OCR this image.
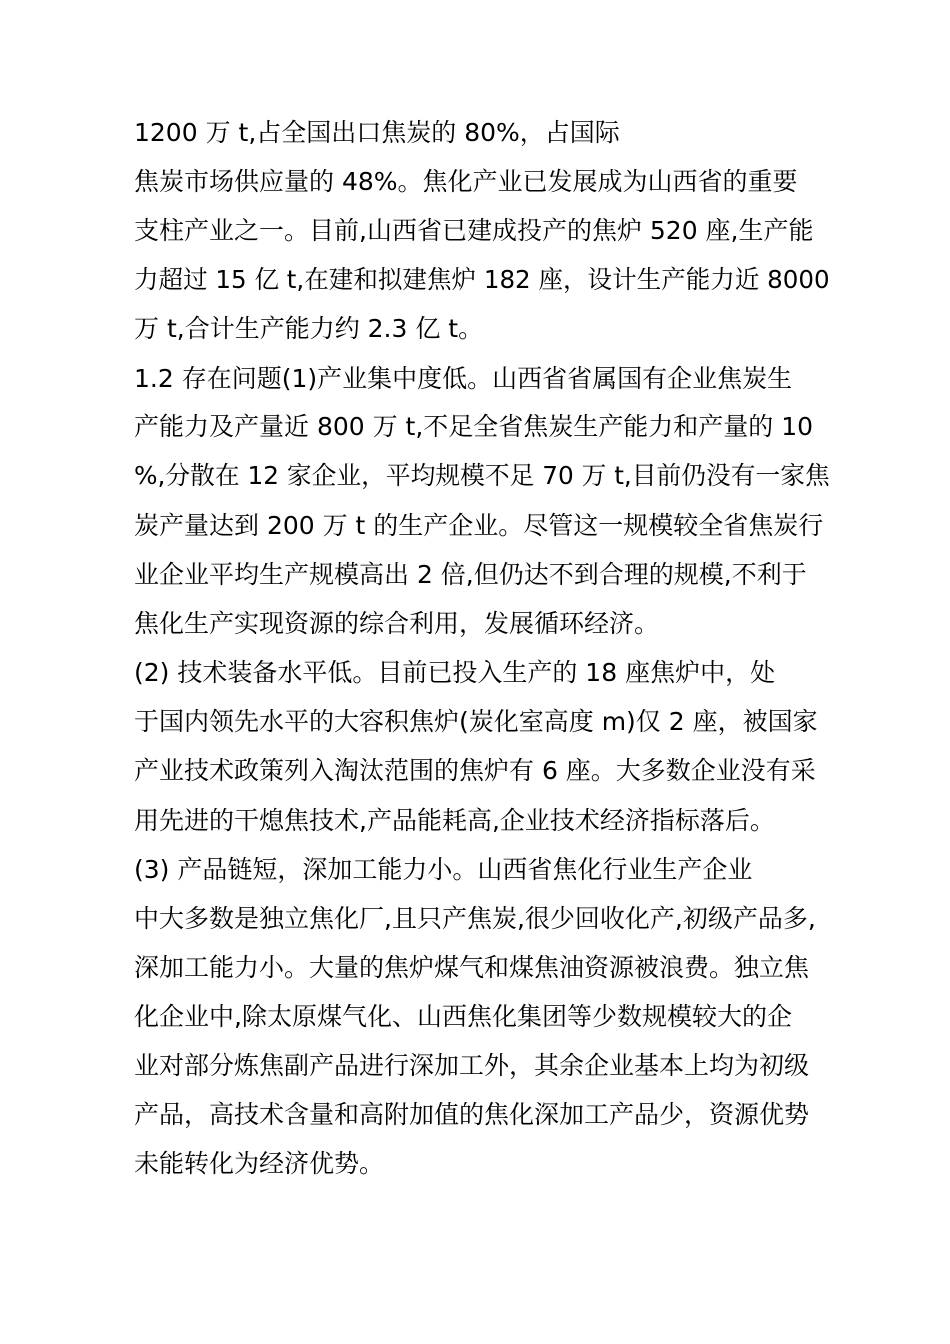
1200 万 t,占全国出口焦炭的 80%，占国际
焦炭市场供应量的 48%。焦化产业已发展成为山西省的重要
支柱产业之一。目前,山西省已建成投产的焦炉 520 座,生产能
力超过 15 亿 t,在建和拟建焦炉 182 座，设计生产能力近 8000
万 t,合计生产能力约 2.3 亿 t。
1.2 存在问题(1)产业集中度低。山西省省属国有企业焦炭生
产能力及产量近 800 万 t,不足全省焦炭生产能力和产量的 10
%,分散在 12 家企业，平均规模不足 70 万 t,目前仍没有一家焦
炭产量达到 200 万 t 的生产企业。尽管这一规模较全省焦炭行
业企业平均生产规模高出 2 倍,但仍达不到合理的规模,不利于
焦化生产实现资源的综合利用，发展循环经济。
(2) 技术装备水平低。目前已投入生产的 18 座焦炉中，处
于国内领先水平的大容积焦炉(炭化室高度 m)仅 2 座，被国家
产业技术政策列入淘汰范围的焦炉有 6 座。大多数企业没有采
用先进的干熄焦技术,产品能耗高,企业技术经济指标落后。
(3) 产品链短，深加工能力小。山西省焦化行业生产企业
中大多数是独立焦化厂,且只产焦炭,很少回收化产,初级产品多,
深加工能力小。大量的焦炉煤气和煤焦油资源被浪费。独立焦
化企业中,除太原煤气化、山西焦化集团等少数规模较大的企
业对部分炼焦副产品进行深加工外，其余企业基本上均为初级
产品，高技术含量和高附加值的焦化深加工产品少，资源优势
未能转化为经济优势。
